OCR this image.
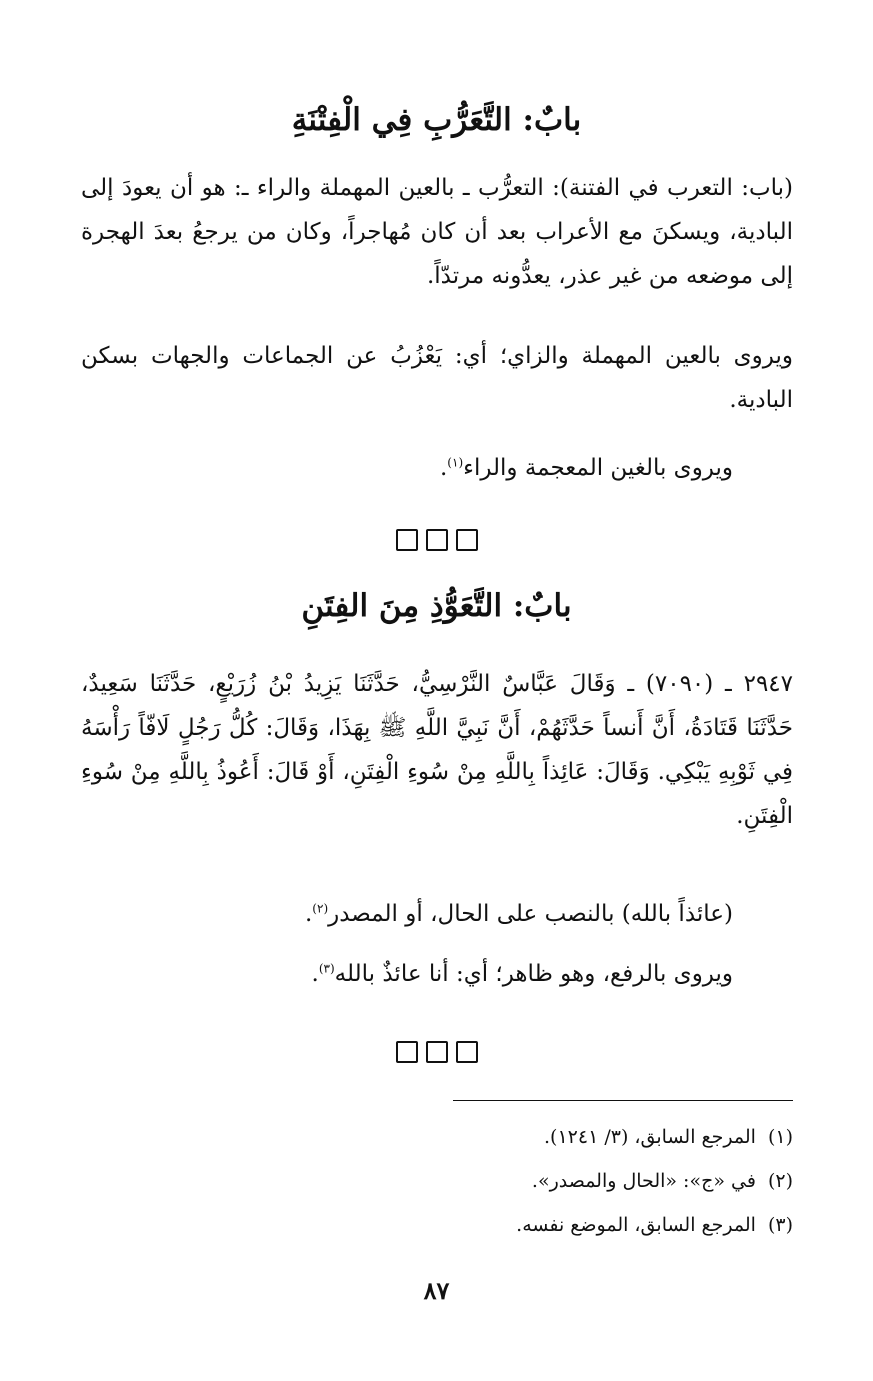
بابٌ: التَّعَرُّبِ فِي الْفِتْنَةِ
(باب: التعرب في الفتنة): التعرُّب ـ بالعين المهملة والراء ـ: هو أن يعودَ إلى البادية، ويسكنَ مع الأعراب بعد أن كان مُهاجراً، وكان من يرجعُ بعدَ الهجرة إلى موضعه من غير عذر، يعدُّونه مرتدّاً.
ويروى بالعين المهملة والزاي؛ أي: يَعْزُبُ عن الجماعات والجهات بسكن البادية.
ويروى بالغين المعجمة والراء$^{(١)}$.
بابٌ: التَّعَوُّذِ مِنَ الفِتَنِ
٢٩٤٧ ـ (٧٠٩٠) ـ وَقَالَ عَبَّاسٌ النَّرْسِيُّ، حَدَّثَنَا يَزِيدُ بْنُ زُرَيْعٍ، حَدَّثَنَا سَعِيدٌ، حَدَّثَنَا قَتَادَةُ، أَنَّ أَنساً حَدَّثَهُمْ، أَنَّ نَبِيَّ اللَّهِ ﷺ بِهَذَا، وَقَالَ: كُلُّ رَجُلٍ لَافّاً رَأْسَهُ فِي ثَوْبِهِ يَبْكِي. وَقَالَ: عَائِذاً بِاللَّهِ مِنْ سُوءِ الْفِتَنِ، أَوْ قَالَ: أَعُوذُ بِاللَّهِ مِنْ سُوءِ الْفِتَنِ.
(عائذاً بالله) بالنصب على الحال، أو المصدر$^{(٢)}$.
ويروى بالرفع، وهو ظاهر؛ أي: أنا عائذٌ بالله$^{(٣)}$.
(١)المرجع السابق، (٣/ ١٢٤١).
(٢)في «ج»: «الحال والمصدر».
(٣)المرجع السابق، الموضع نفسه.
٨٧
